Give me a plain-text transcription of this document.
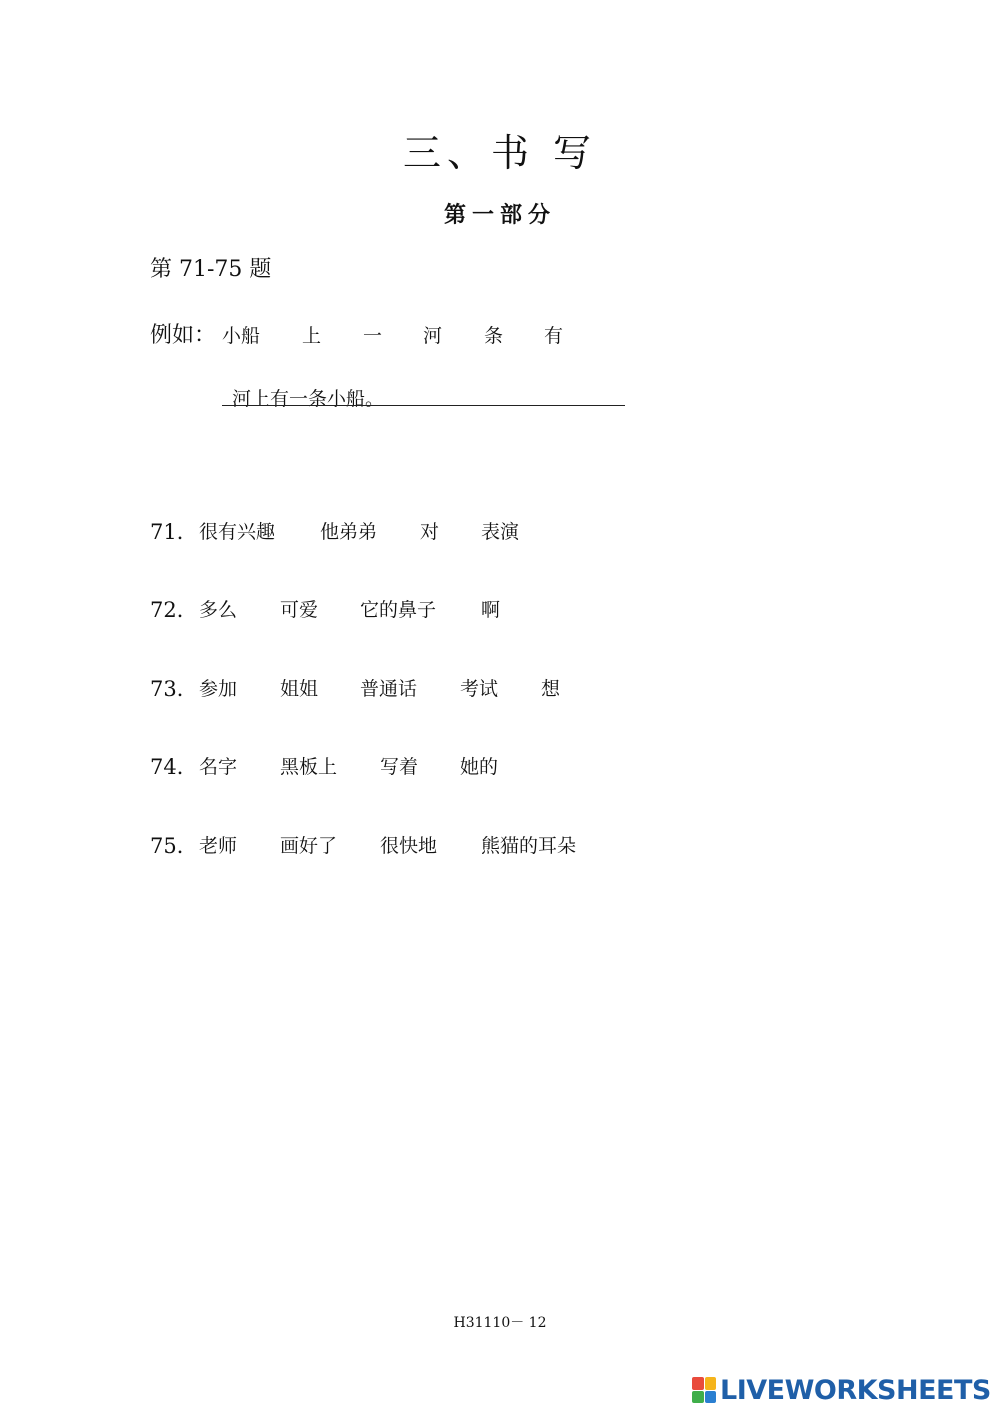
三、书 写
第一部分
第 71-75 题
例如： 小船 上 一 河 条 有
河上有一条小船。
71． 很有兴趣 他弟弟 对 表演
72． 多么 可爱 它的鼻子 啊
73． 参加 姐姐 普通话 考试 想
74． 名字 黑板上 写着 她的
75． 老师 画好了 很快地 熊猫的耳朵
H31110－ 12
LIVEWORKSHEETS
